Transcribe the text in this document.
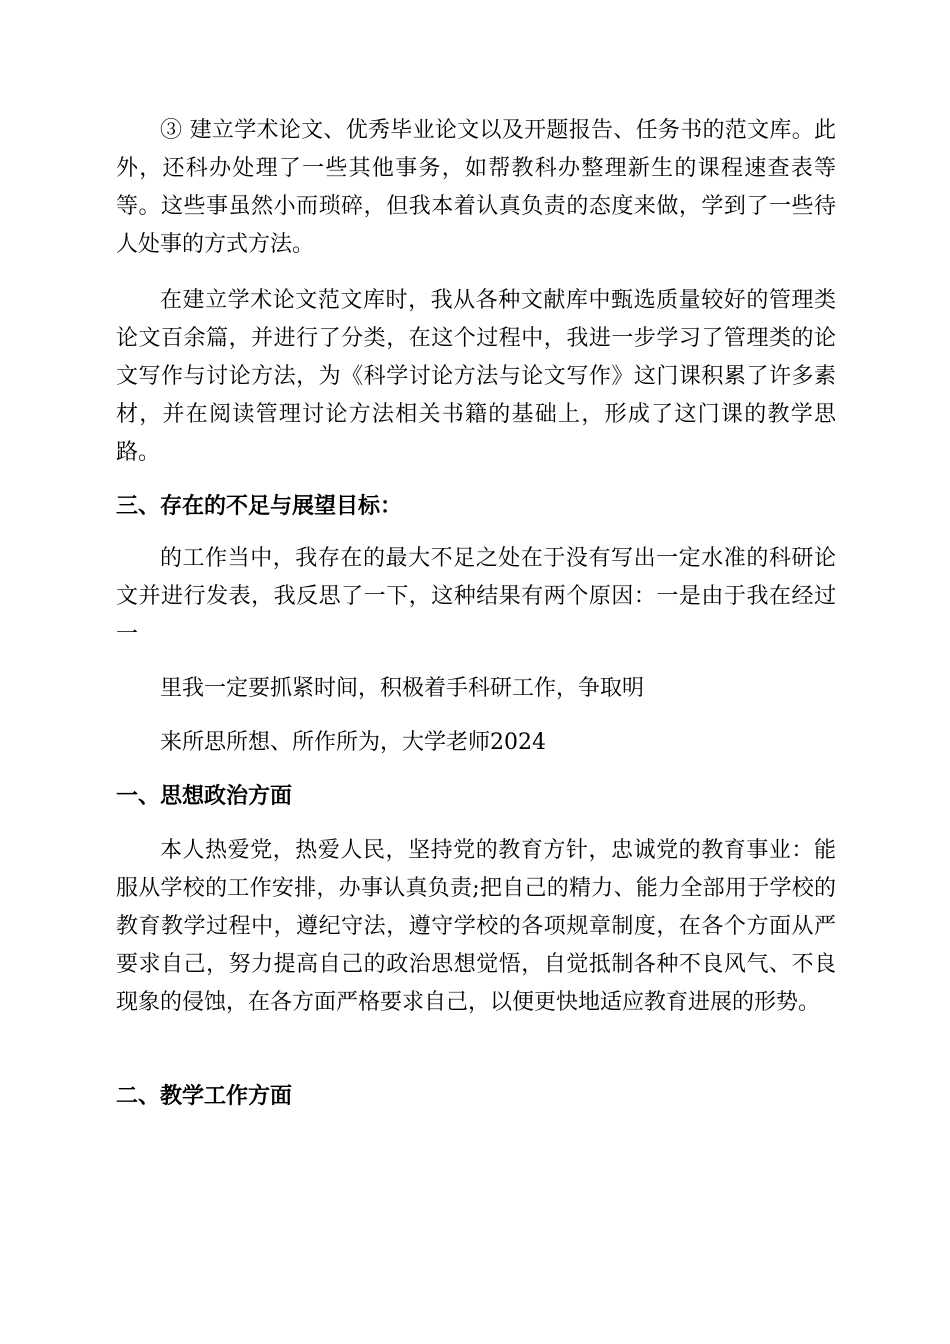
③ 建立学术论文、优秀毕业论文以及开题报告、任务书的范文库。此外，还科办处理了一些其他事务，如帮教科办整理新生的课程速查表等等。这些事虽然小而琐碎，但我本着认真负责的态度来做，学到了一些待人处事的方式方法。

在建立学术论文范文库时，我从各种文献库中甄选质量较好的管理类论文百余篇，并进行了分类，在这个过程中，我进一步学习了管理类的论文写作与讨论方法，为《科学讨论方法与论文写作》这门课积累了许多素材，并在阅读管理讨论方法相关书籍的基础上，形成了这门课的教学思路。

三、存在的不足与展望目标：

的工作当中，我存在的最大不足之处在于没有写出一定水准的科研论文并进行发表，我反思了一下，这种结果有两个原因：一是由于我在经过一

里我一定要抓紧时间，积极着手科研工作，争取明

来所思所想、所作所为，大学老师2024

一、思想政治方面

本人热爱党，热爱人民，坚持党的教育方针，忠诚党的教育事业：能服从学校的工作安排，办事认真负责;把自己的精力、能力全部用于学校的教育教学过程中，遵纪守法，遵守学校的各项规章制度，在各个方面从严要求自己，努力提高自己的政治思想觉悟，自觉抵制各种不良风气、不良现象的侵蚀，在各方面严格要求自己，以便更快地适应教育进展的形势。

二、教学工作方面
